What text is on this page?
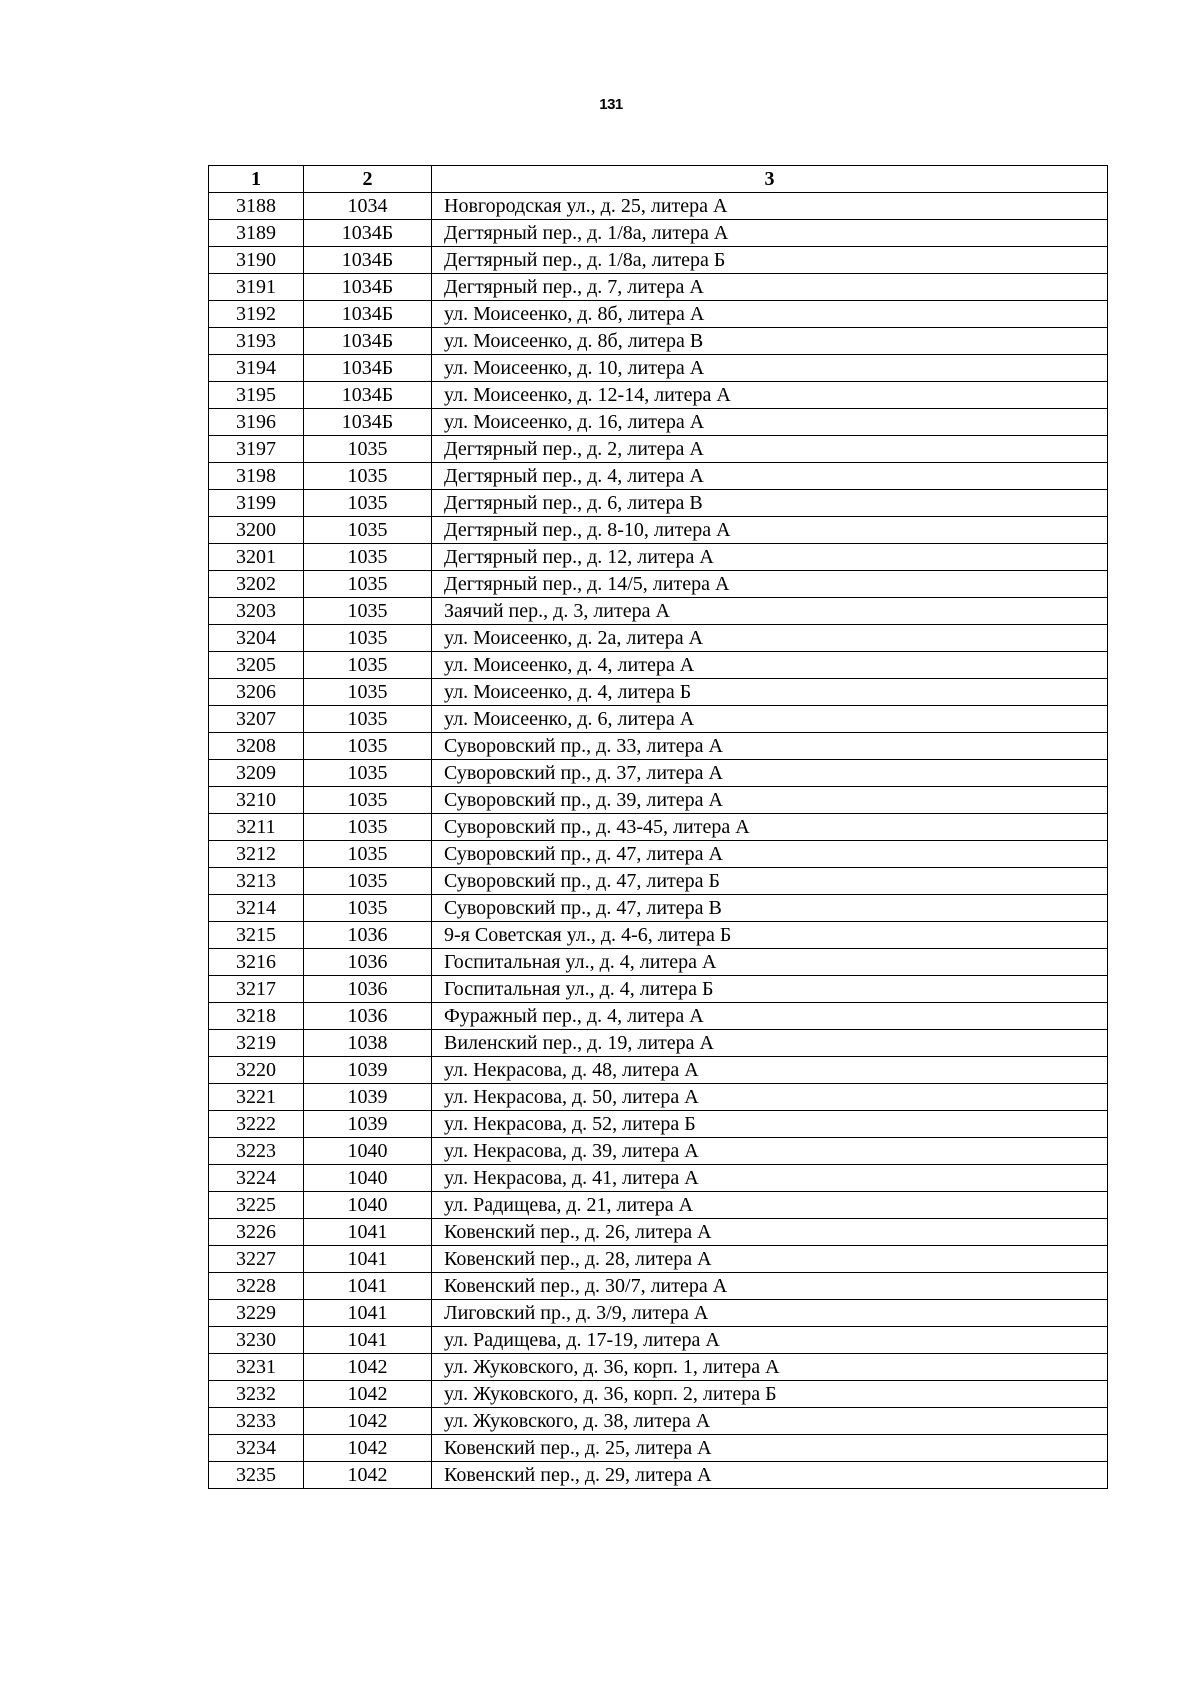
131
1	2	3
3188	1034	Новгородская ул., д. 25, литера А
3189	1034Б	Дегтярный пер., д. 1/8а, литера А
3190	1034Б	Дегтярный пер., д. 1/8а, литера Б
3191	1034Б	Дегтярный пер., д. 7, литера А
3192	1034Б	ул. Моисеенко, д. 8б, литера А
3193	1034Б	ул. Моисеенко, д. 8б, литера В
3194	1034Б	ул. Моисеенко, д. 10, литера А
3195	1034Б	ул. Моисеенко, д. 12-14, литера А
3196	1034Б	ул. Моисеенко, д. 16, литера А
3197	1035	Дегтярный пер., д. 2, литера А
3198	1035	Дегтярный пер., д. 4, литера А
3199	1035	Дегтярный пер., д. 6, литера В
3200	1035	Дегтярный пер., д. 8-10, литера А
3201	1035	Дегтярный пер., д. 12, литера А
3202	1035	Дегтярный пер., д. 14/5, литера А
3203	1035	Заячий пер., д. 3, литера А
3204	1035	ул. Моисеенко, д. 2а, литера А
3205	1035	ул. Моисеенко, д. 4, литера А
3206	1035	ул. Моисеенко, д. 4, литера Б
3207	1035	ул. Моисеенко, д. 6, литера А
3208	1035	Суворовский пр., д. 33, литера А
3209	1035	Суворовский пр., д. 37, литера А
3210	1035	Суворовский пр., д. 39, литера А
3211	1035	Суворовский пр., д. 43-45, литера А
3212	1035	Суворовский пр., д. 47, литера А
3213	1035	Суворовский пр., д. 47, литера Б
3214	1035	Суворовский пр., д. 47, литера В
3215	1036	9-я Советская ул., д. 4-6, литера Б
3216	1036	Госпитальная ул., д. 4, литера А
3217	1036	Госпитальная ул., д. 4, литера Б
3218	1036	Фуражный пер., д. 4, литера А
3219	1038	Виленский пер., д. 19, литера А
3220	1039	ул. Некрасова, д. 48, литера А
3221	1039	ул. Некрасова, д. 50, литера А
3222	1039	ул. Некрасова, д. 52, литера Б
3223	1040	ул. Некрасова, д. 39, литера А
3224	1040	ул. Некрасова, д. 41, литера А
3225	1040	ул. Радищева, д. 21, литера А
3226	1041	Ковенский пер., д. 26, литера А
3227	1041	Ковенский пер., д. 28, литера А
3228	1041	Ковенский пер., д. 30/7, литера А
3229	1041	Лиговский пр., д. 3/9, литера А
3230	1041	ул. Радищева, д. 17-19, литера А
3231	1042	ул. Жуковского, д. 36, корп. 1, литера А
3232	1042	ул. Жуковского, д. 36, корп. 2, литера Б
3233	1042	ул. Жуковского, д. 38, литера А
3234	1042	Ковенский пер., д. 25, литера А
3235	1042	Ковенский пер., д. 29, литера А
